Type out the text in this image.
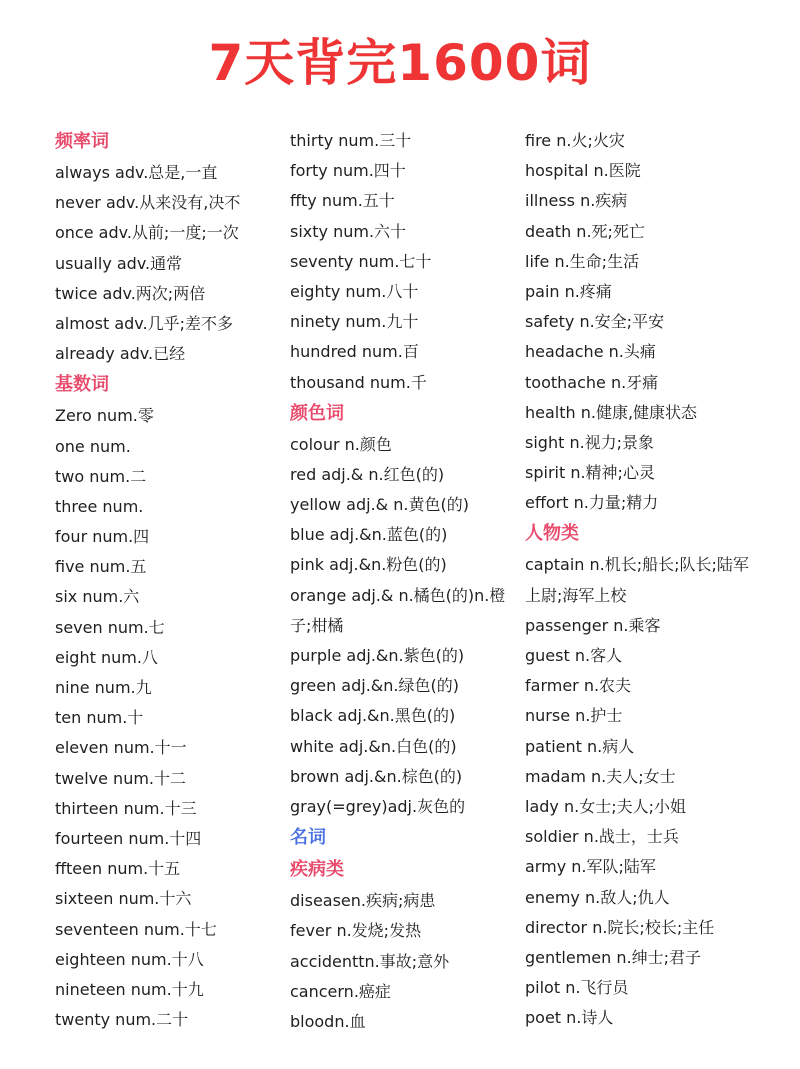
7天背完1600词
频率词
always adv.总是,一直
never adv.从来没有,决不
once adv.从前;一度;一次
usually adv.通常
twice adv.两次;两倍
almost adv.几乎;差不多
already adv.已经
基数词
Zero num.零
one num.
two num.二
three num.
four num.四
five num.五
six num.六
seven num.七
eight num.八
nine num.九
ten num.十
eleven num.十一
twelve num.十二
thirteen num.十三
fourteen num.十四
ffteen num.十五
sixteen num.十六
seventeen num.十七
eighteen num.十八
nineteen num.十九
twenty num.二十
thirty num.三十
forty num.四十
ffty num.五十
sixty num.六十
seventy num.七十
eighty num.八十
ninety num.九十
hundred num.百
thousand num.千
颜色词
colour n.颜色
red adj.& n.红色(的)
yellow adj.& n.黄色(的)
blue adj.&n.蓝色(的)
pink adj.&n.粉色(的)
orange adj.& n.橘色(的)n.橙
子;柑橘
purple adj.&n.紫色(的)
green adj.&n.绿色(的)
black adj.&n.黑色(的)
white adj.&n.白色(的)
brown adj.&n.棕色(的)
gray(=grey)adj.灰色的
名词
疾病类
diseasen.疾病;病患
fever n.发烧;发热
accidenttn.事故;意外
cancern.癌症
bloodn.血
fire n.火;火灾
hospital n.医院
illness n.疾病
death n.死;死亡
life n.生命;生活
pain n.疼痛
safety n.安全;平安
headache n.头痛
toothache n.牙痛
health n.健康,健康状态
sight n.视力;景象
spirit n.精神;心灵
effort n.力量;精力
人物类
captain n.机长;船长;队长;陆军
上尉;海军上校
passenger n.乘客
guest n.客人
farmer n.农夫
nurse n.护士
patient n.病人
madam n.夫人;女士
lady n.女士;夫人;小姐
soldier n.战士，士兵
army n.军队;陆军
enemy n.敌人;仇人
director n.院长;校长;主任
gentlemen n.绅士;君子
pilot n.飞行员
poet n.诗人
